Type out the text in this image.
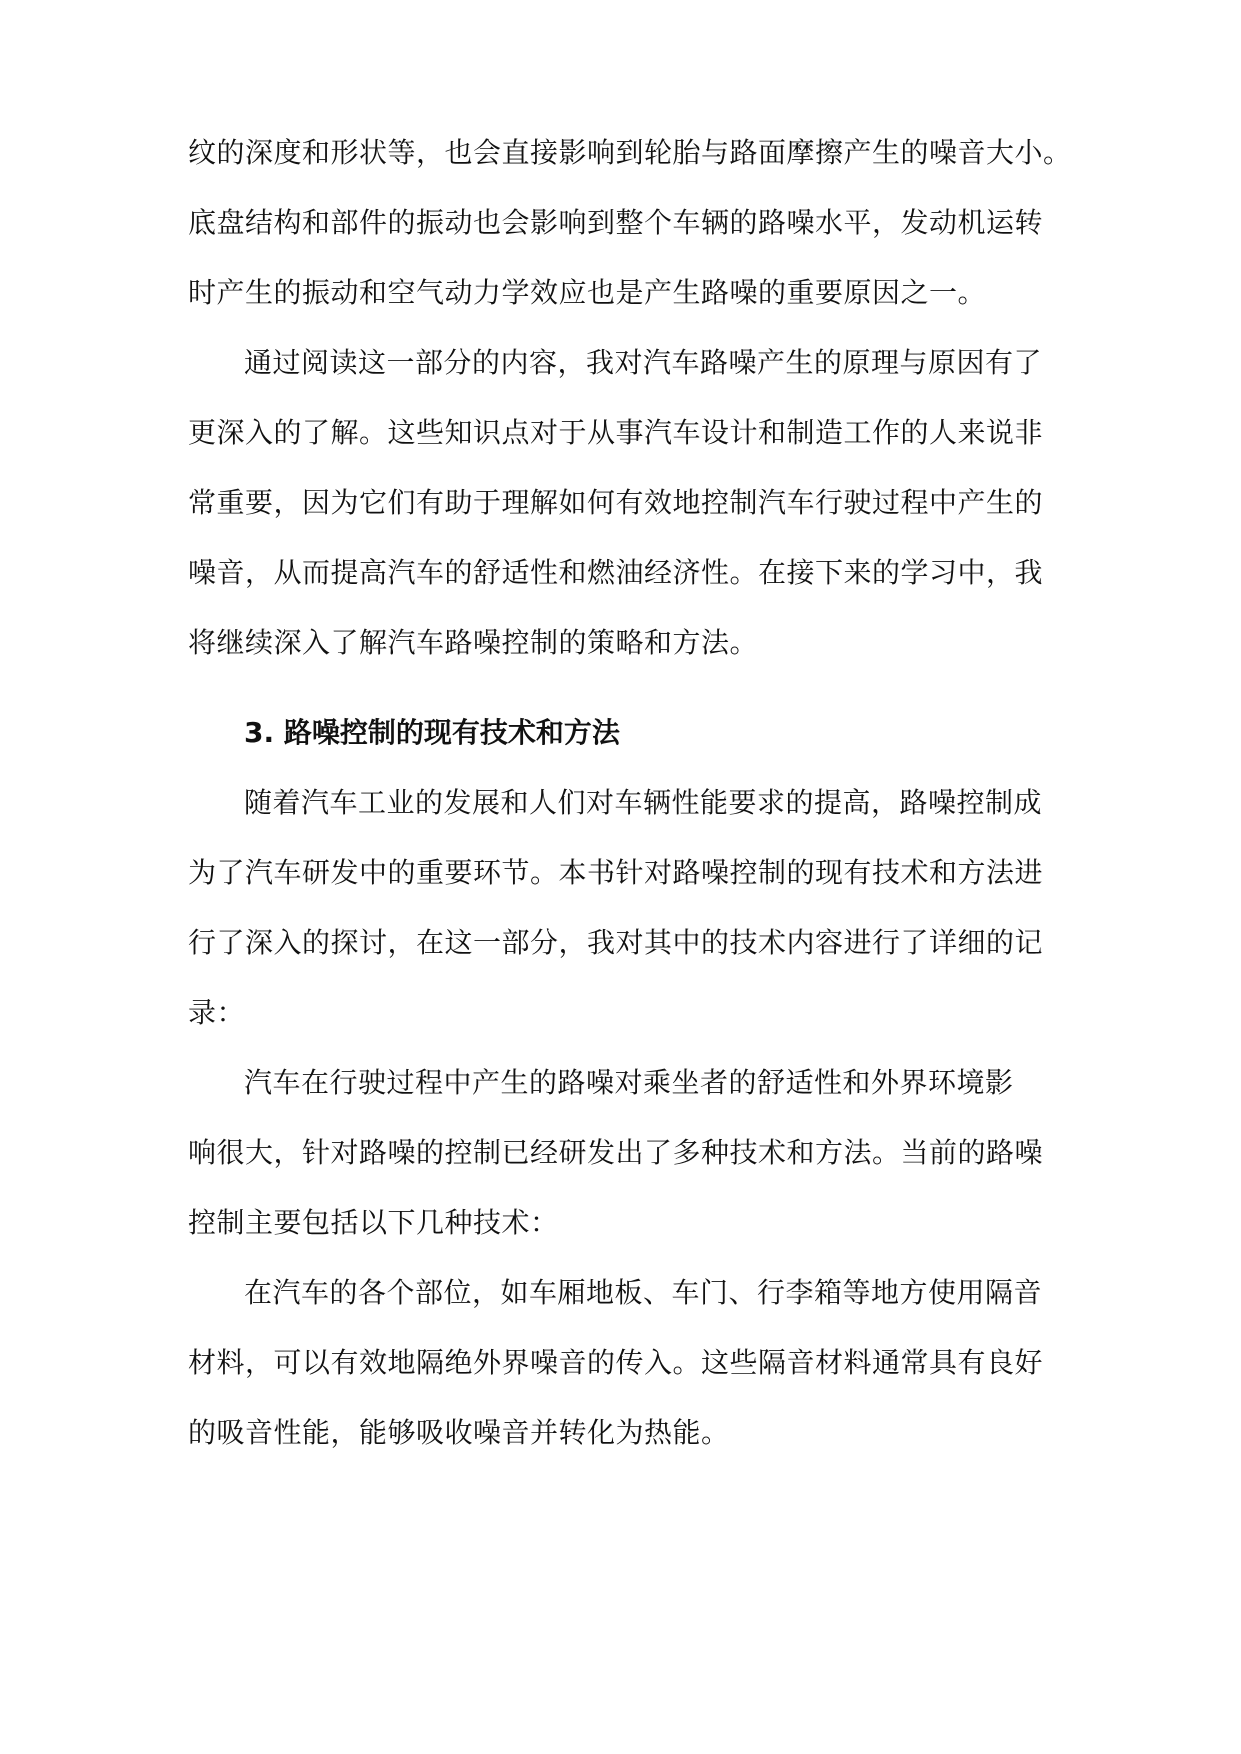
纹的深度和形状等，也会直接影响到轮胎与路面摩擦产生的噪音大小。
底盘结构和部件的振动也会影响到整个车辆的路噪水平，发动机运转
时产生的振动和空气动力学效应也是产生路噪的重要原因之一。
通过阅读这一部分的内容，我对汽车路噪产生的原理与原因有了
更深入的了解。这些知识点对于从事汽车设计和制造工作的人来说非
常重要，因为它们有助于理解如何有效地控制汽车行驶过程中产生的
噪音，从而提高汽车的舒适性和燃油经济性。在接下来的学习中，我
将继续深入了解汽车路噪控制的策略和方法。
3. 路噪控制的现有技术和方法
随着汽车工业的发展和人们对车辆性能要求的提高，路噪控制成
为了汽车研发中的重要环节。本书针对路噪控制的现有技术和方法进
行了深入的探讨，在这一部分，我对其中的技术内容进行了详细的记
录：
汽车在行驶过程中产生的路噪对乘坐者的舒适性和外界环境影
响很大，针对路噪的控制已经研发出了多种技术和方法。当前的路噪
控制主要包括以下几种技术：
在汽车的各个部位，如车厢地板、车门、行李箱等地方使用隔音
材料，可以有效地隔绝外界噪音的传入。这些隔音材料通常具有良好
的吸音性能，能够吸收噪音并转化为热能。
